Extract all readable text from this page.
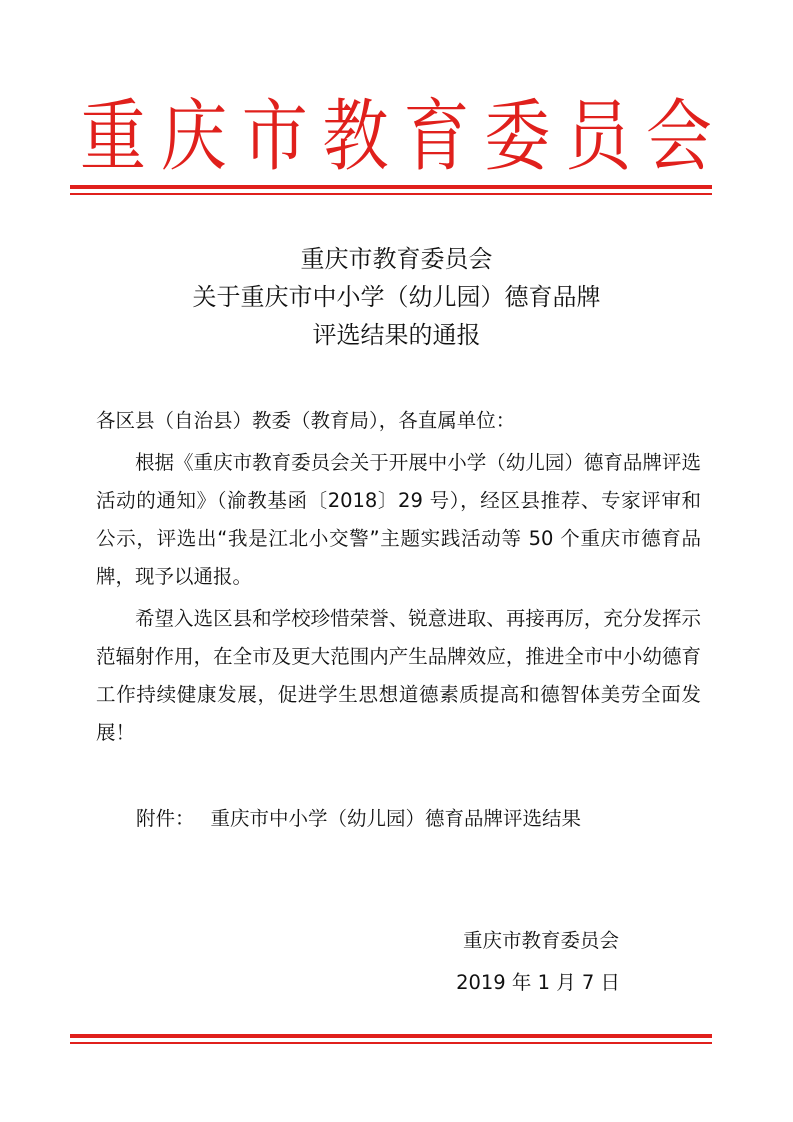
重 庆 市 教 育 委 员 会
重庆市教育委员会
关于重庆市中小学（幼儿园）德育品牌
评选结果的通报
各区县（自治县）教委（教育局），各直属单位：
根据《重庆市教育委员会关于开展中小学（幼儿园）德育品牌评选活动的通知》（渝教基函〔2018〕29 号），经区县推荐、专家评审和公示，评选出“我是江北小交警”主题实践活动等 50 个重庆市德育品牌，现予以通报。
希望入选区县和学校珍惜荣誉、锐意进取、再接再厉，充分发挥示范辐射作用，在全市及更大范围内产生品牌效应，推进全市中小幼德育工作持续健康发展，促进学生思想道德素质提高和德智体美劳全面发展！
附件： 重庆市中小学（幼儿园）德育品牌评选结果
重庆市教育委员会
2019 年 1 月 7 日
